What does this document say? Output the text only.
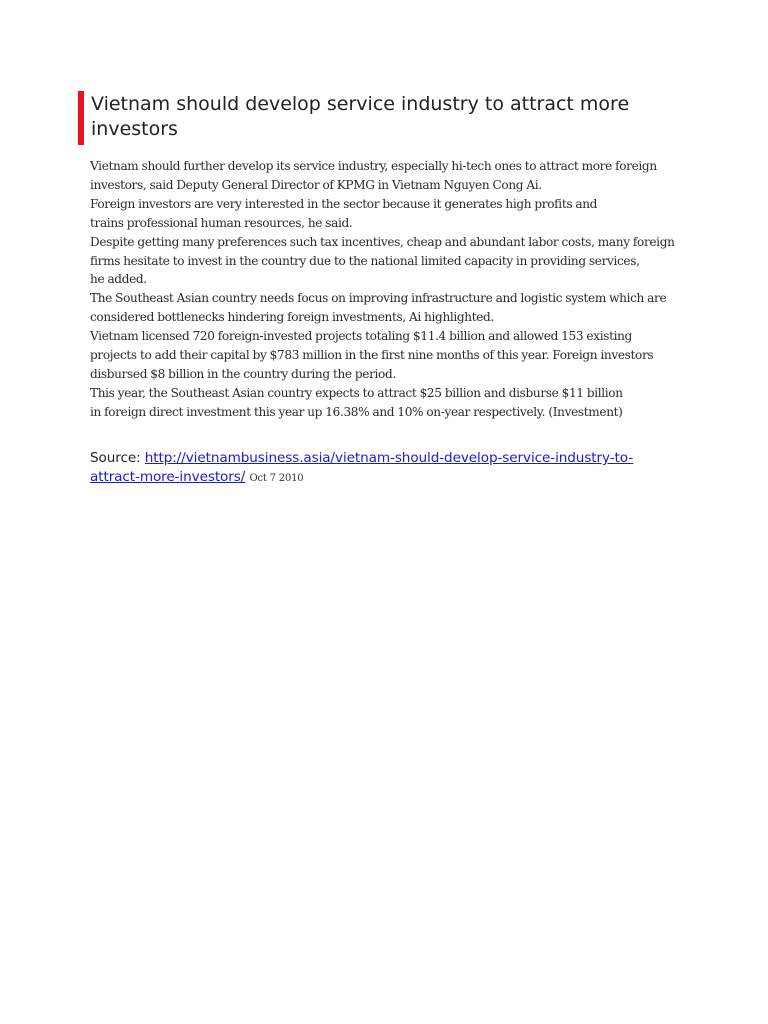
Vietnam should develop service industry to attract more
investors
Vietnam should further develop its service industry, especially hi-tech ones to attract more foreign
investors, said Deputy General Director of KPMG in Vietnam Nguyen Cong Ai.
Foreign investors are very interested in the sector because it generates high profits and
trains professional human resources, he said.
Despite getting many preferences such tax incentives, cheap and abundant labor costs, many foreign
firms hesitate to invest in the country due to the national limited capacity in providing services,
he added.
The Southeast Asian country needs focus on improving infrastructure and logistic system which are
considered bottlenecks hindering foreign investments, Ai highlighted.
Vietnam licensed 720 foreign-invested projects totaling $11.4 billion and allowed 153 existing
projects to add their capital by $783 million in the first nine months of this year. Foreign investors
disbursed $8 billion in the country during the period.
This year, the Southeast Asian country expects to attract $25 billion and disburse $11 billion
in foreign direct investment this year up 16.38% and 10% on-year respectively. (Investment)
Source: http://vietnambusiness.asia/vietnam-should-develop-service-industry-to-
attract-more-investors/ Oct 7 2010
